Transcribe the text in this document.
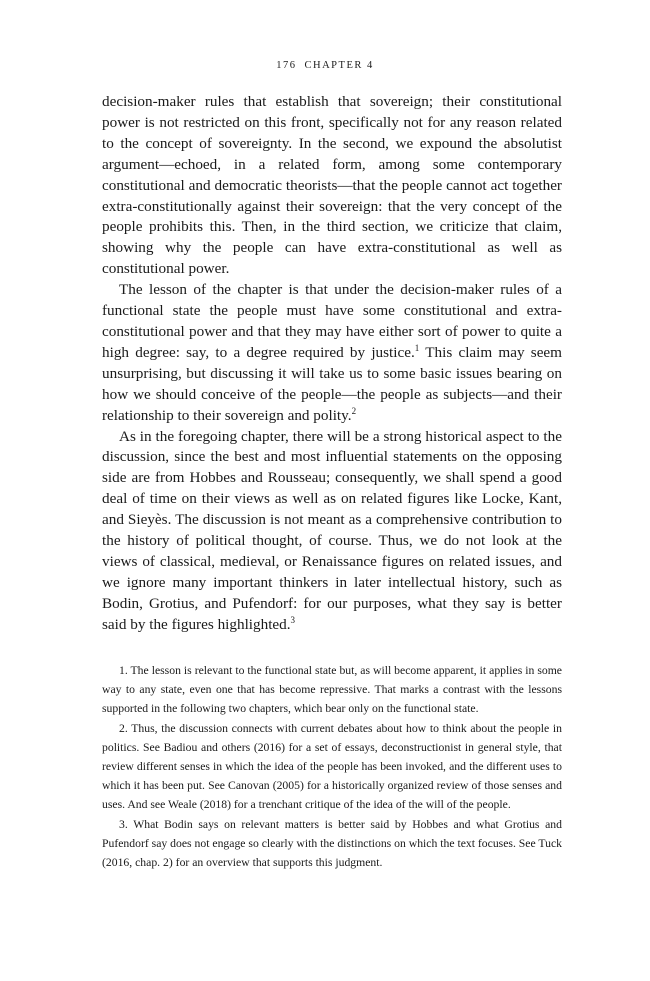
176 CHAPTER 4

decision-maker rules that establish that sovereign; their constitutional power is not restricted on this front, specifically not for any reason related to the concept of sovereignty. In the second, we expound the absolutist argument—echoed, in a related form, among some contemporary constitutional and democratic theorists—that the people cannot act together extra-constitutionally against their sovereign: that the very concept of the people prohibits this. Then, in the third section, we criticize that claim, showing why the people can have extra-constitutional as well as constitutional power.

The lesson of the chapter is that under the decision-maker rules of a functional state the people must have some constitutional and extra-constitutional power and that they may have either sort of power to quite a high degree: say, to a degree required by justice.$^1$ This claim may seem unsurprising, but discussing it will take us to some basic issues bearing on how we should conceive of the people—the people as subjects—and their relationship to their sovereign and polity.$^2$

As in the foregoing chapter, there will be a strong historical aspect to the discussion, since the best and most influential statements on the opposing side are from Hobbes and Rousseau; consequently, we shall spend a good deal of time on their views as well as on related figures like Locke, Kant, and Sieyès. The discussion is not meant as a comprehensive contribution to the history of political thought, of course. Thus, we do not look at the views of classical, medieval, or Renaissance figures on related issues, and we ignore many important thinkers in later intellectual history, such as Bodin, Grotius, and Pufendorf: for our purposes, what they say is better said by the figures highlighted.$^3$

1. The lesson is relevant to the functional state but, as will become apparent, it applies in some way to any state, even one that has become repressive. That marks a contrast with the lessons supported in the following two chapters, which bear only on the functional state.

2. Thus, the discussion connects with current debates about how to think about the people in politics. See Badiou and others (2016) for a set of essays, deconstructionist in general style, that review different senses in which the idea of the people has been invoked, and the different uses to which it has been put. See Canovan (2005) for a historically organized review of those senses and uses. And see Weale (2018) for a trenchant critique of the idea of the will of the people.

3. What Bodin says on relevant matters is better said by Hobbes and what Grotius and Pufendorf say does not engage so clearly with the distinctions on which the text focuses. See Tuck (2016, chap. 2) for an overview that supports this judgment.
